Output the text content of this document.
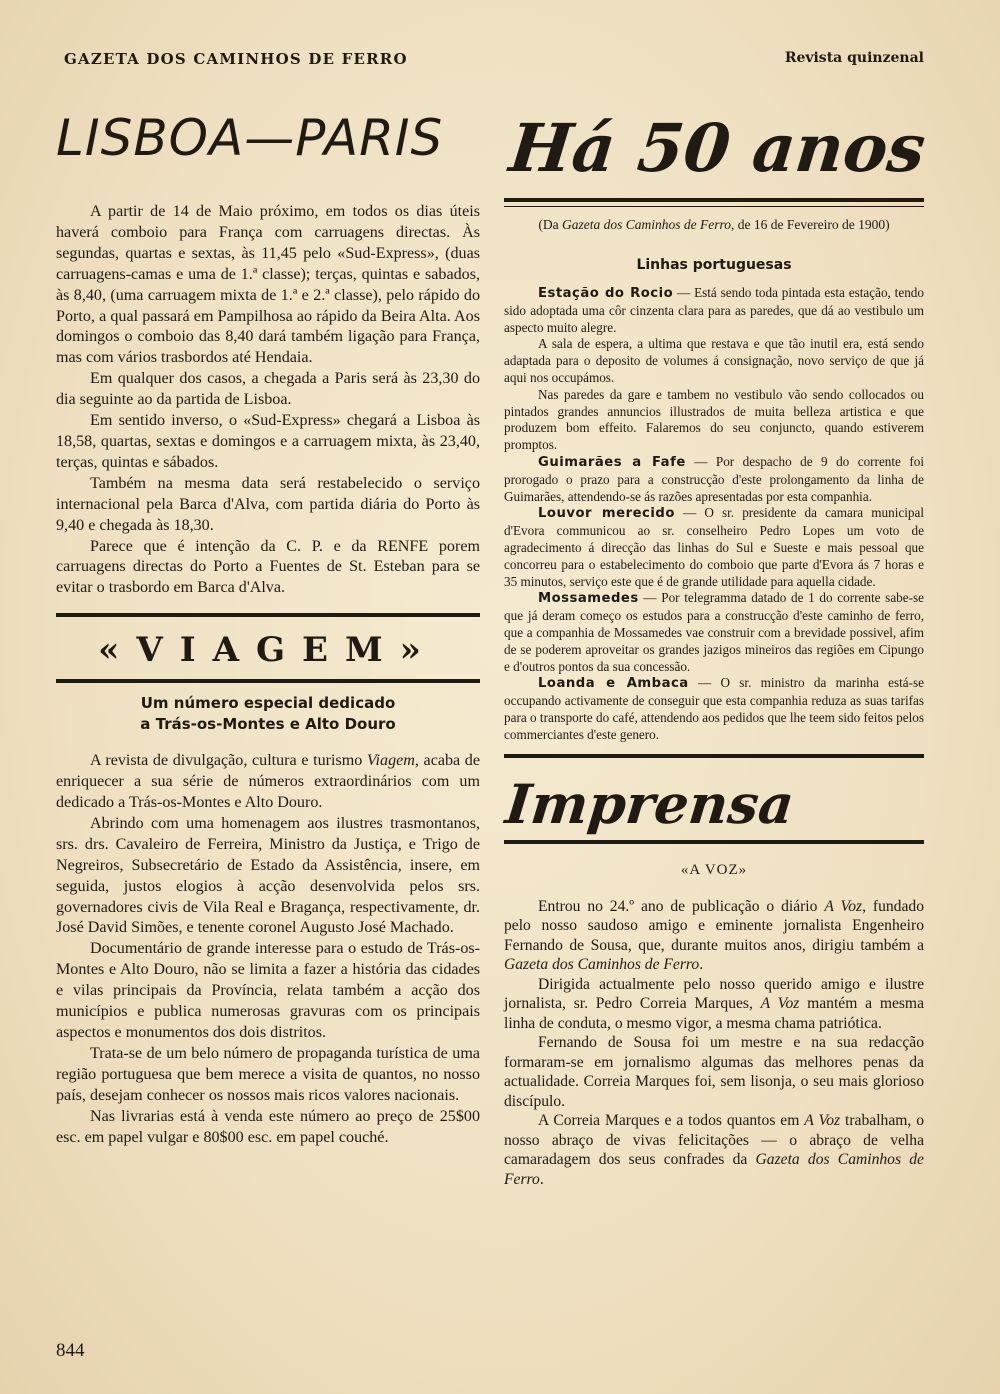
GAZETA DOS CAMINHOS DE FERRO	Revista quinzenal
LISBOA—PARIS

A partir de 14 de Maio próximo, em todos os dias úteis haverá comboio para França com carruagens directas. Às segundas, quartas e sextas, às 11,45 pelo «Sud-Express», (duas carruagens-camas e uma de 1.ª classe); terças, quintas e sabados, às 8,40, (uma carruagem mixta de 1.ª e 2.ª classe), pelo rápido do Porto, a qual passará em Pampilhosa ao rápido da Beira Alta. Aos domingos o comboio das 8,40 dará também ligação para França, mas com vários trasbordos até Hendaia.

Em qualquer dos casos, a chegada a Paris será às 23,30 do dia seguinte ao da partida de Lisboa.

Em sentido inverso, o «Sud-Express» chegará a Lisboa às 18,58, quartas, sextas e domingos e a carruagem mixta, às 23,40, terças, quintas e sábados.

Também na mesma data será restabelecido o serviço internacional pela Barca d'Alva, com partida diária do Porto às 9,40 e chegada às 18,30.

Parece que é intenção da C. P. e da RENFE porem carruagens directas do Porto a Fuentes de St. Esteban para se evitar o trasbordo em Barca d'Alva.

«VIAGEM»
Um número especial dedicado
a Trás-os-Montes e Alto Douro

A revista de divulgação, cultura e turismo Viagem, acaba de enriquecer a sua série de números extraordinários com um dedicado a Trás-os-Montes e Alto Douro.

Abrindo com uma homenagem aos ilustres trasmontanos, srs. drs. Cavaleiro de Ferreira, Ministro da Justiça, e Trigo de Negreiros, Subsecretário de Estado da Assistência, insere, em seguida, justos elogios à acção desenvolvida pelos srs. governadores civis de Vila Real e Bragança, respectivamente, dr. José David Simões, e tenente coronel Augusto José Machado.

Documentário de grande interesse para o estudo de Trás-os-Montes e Alto Douro, não se limita a fazer a história das cidades e vilas principais da Província, relata também a acção dos municípios e publica numerosas gravuras com os principais aspectos e monumentos dos dois distritos.

Trata-se de um belo número de propaganda turística de uma região portuguesa que bem merece a visita de quantos, no nosso país, desejam conhecer os nossos mais ricos valores nacionais.

Nas livrarias está à venda este número ao preço de 25$00 esc. em papel vulgar e 80$00 esc. em papel couché.

Há 50 anos
(Da Gazeta dos Caminhos de Ferro, de 16 de Fevereiro de 1900)
Linhas portuguesas

Estação do Rocio — Está sendo toda pintada esta estação, tendo sido adoptada uma côr cinzenta clara para as paredes, que dá ao vestibulo um aspecto muito alegre.

A sala de espera, a ultima que restava e que tão inutil era, está sendo adaptada para o deposito de volumes á consignação, novo serviço de que já aqui nos occupámos.

Nas paredes da gare e tambem no vestibulo vão sendo collocados ou pintados grandes annuncios illustrados de muita belleza artistica e que produzem bom effeito. Falaremos do seu conjuncto, quando estiverem promptos.

Guimarães a Fafe — Por despacho de 9 do corrente foi prorogado o prazo para a construcção d'este prolongamento da linha de Guimarães, attendendo-se ás razões apresentadas por esta companhia.

Louvor merecido — O sr. presidente da camara municipal d'Evora communicou ao sr. conselheiro Pedro Lopes um voto de agradecimento á direcção das linhas do Sul e Sueste e mais pessoal que concorreu para o estabelecimento do comboio que parte d'Evora ás 7 horas e 35 minutos, serviço este que é de grande utilidade para aquella cidade.

Mossamedes — Por telegramma datado de 1 do corrente sabe-se que já deram começo os estudos para a construcção d'este caminho de ferro, que a companhia de Mossamedes vae construir com a brevidade possivel, afim de se poderem aproveitar os grandes jazigos mineiros das regiões em Cipungo e d'outros pontos da sua concessão.

Loanda e Ambaca — O sr. ministro da marinha está-se occupando activamente de conseguir que esta companhia reduza as suas tarifas para o transporte do café, attendendo aos pedidos que lhe teem sido feitos pelos commerciantes d'este genero.

Imprensa
«A VOZ»

Entrou no 24.º ano de publicação o diário A Voz, fundado pelo nosso saudoso amigo e eminente jornalista Engenheiro Fernando de Sousa, que, durante muitos anos, dirigiu também a Gazeta dos Caminhos de Ferro.

Dirigida actualmente pelo nosso querido amigo e ilustre jornalista, sr. Pedro Correia Marques, A Voz mantém a mesma linha de conduta, o mesmo vigor, a mesma chama patriótica.

Fernando de Sousa foi um mestre e na sua redacção formaram-se em jornalismo algumas das melhores penas da actualidade. Correia Marques foi, sem lisonja, o seu mais glorioso discípulo.

A Correia Marques e a todos quantos em A Voz trabalham, o nosso abraço de vivas felicitações — o abraço de velha camaradagem dos seus confrades da Gazeta dos Caminhos de Ferro.

844
